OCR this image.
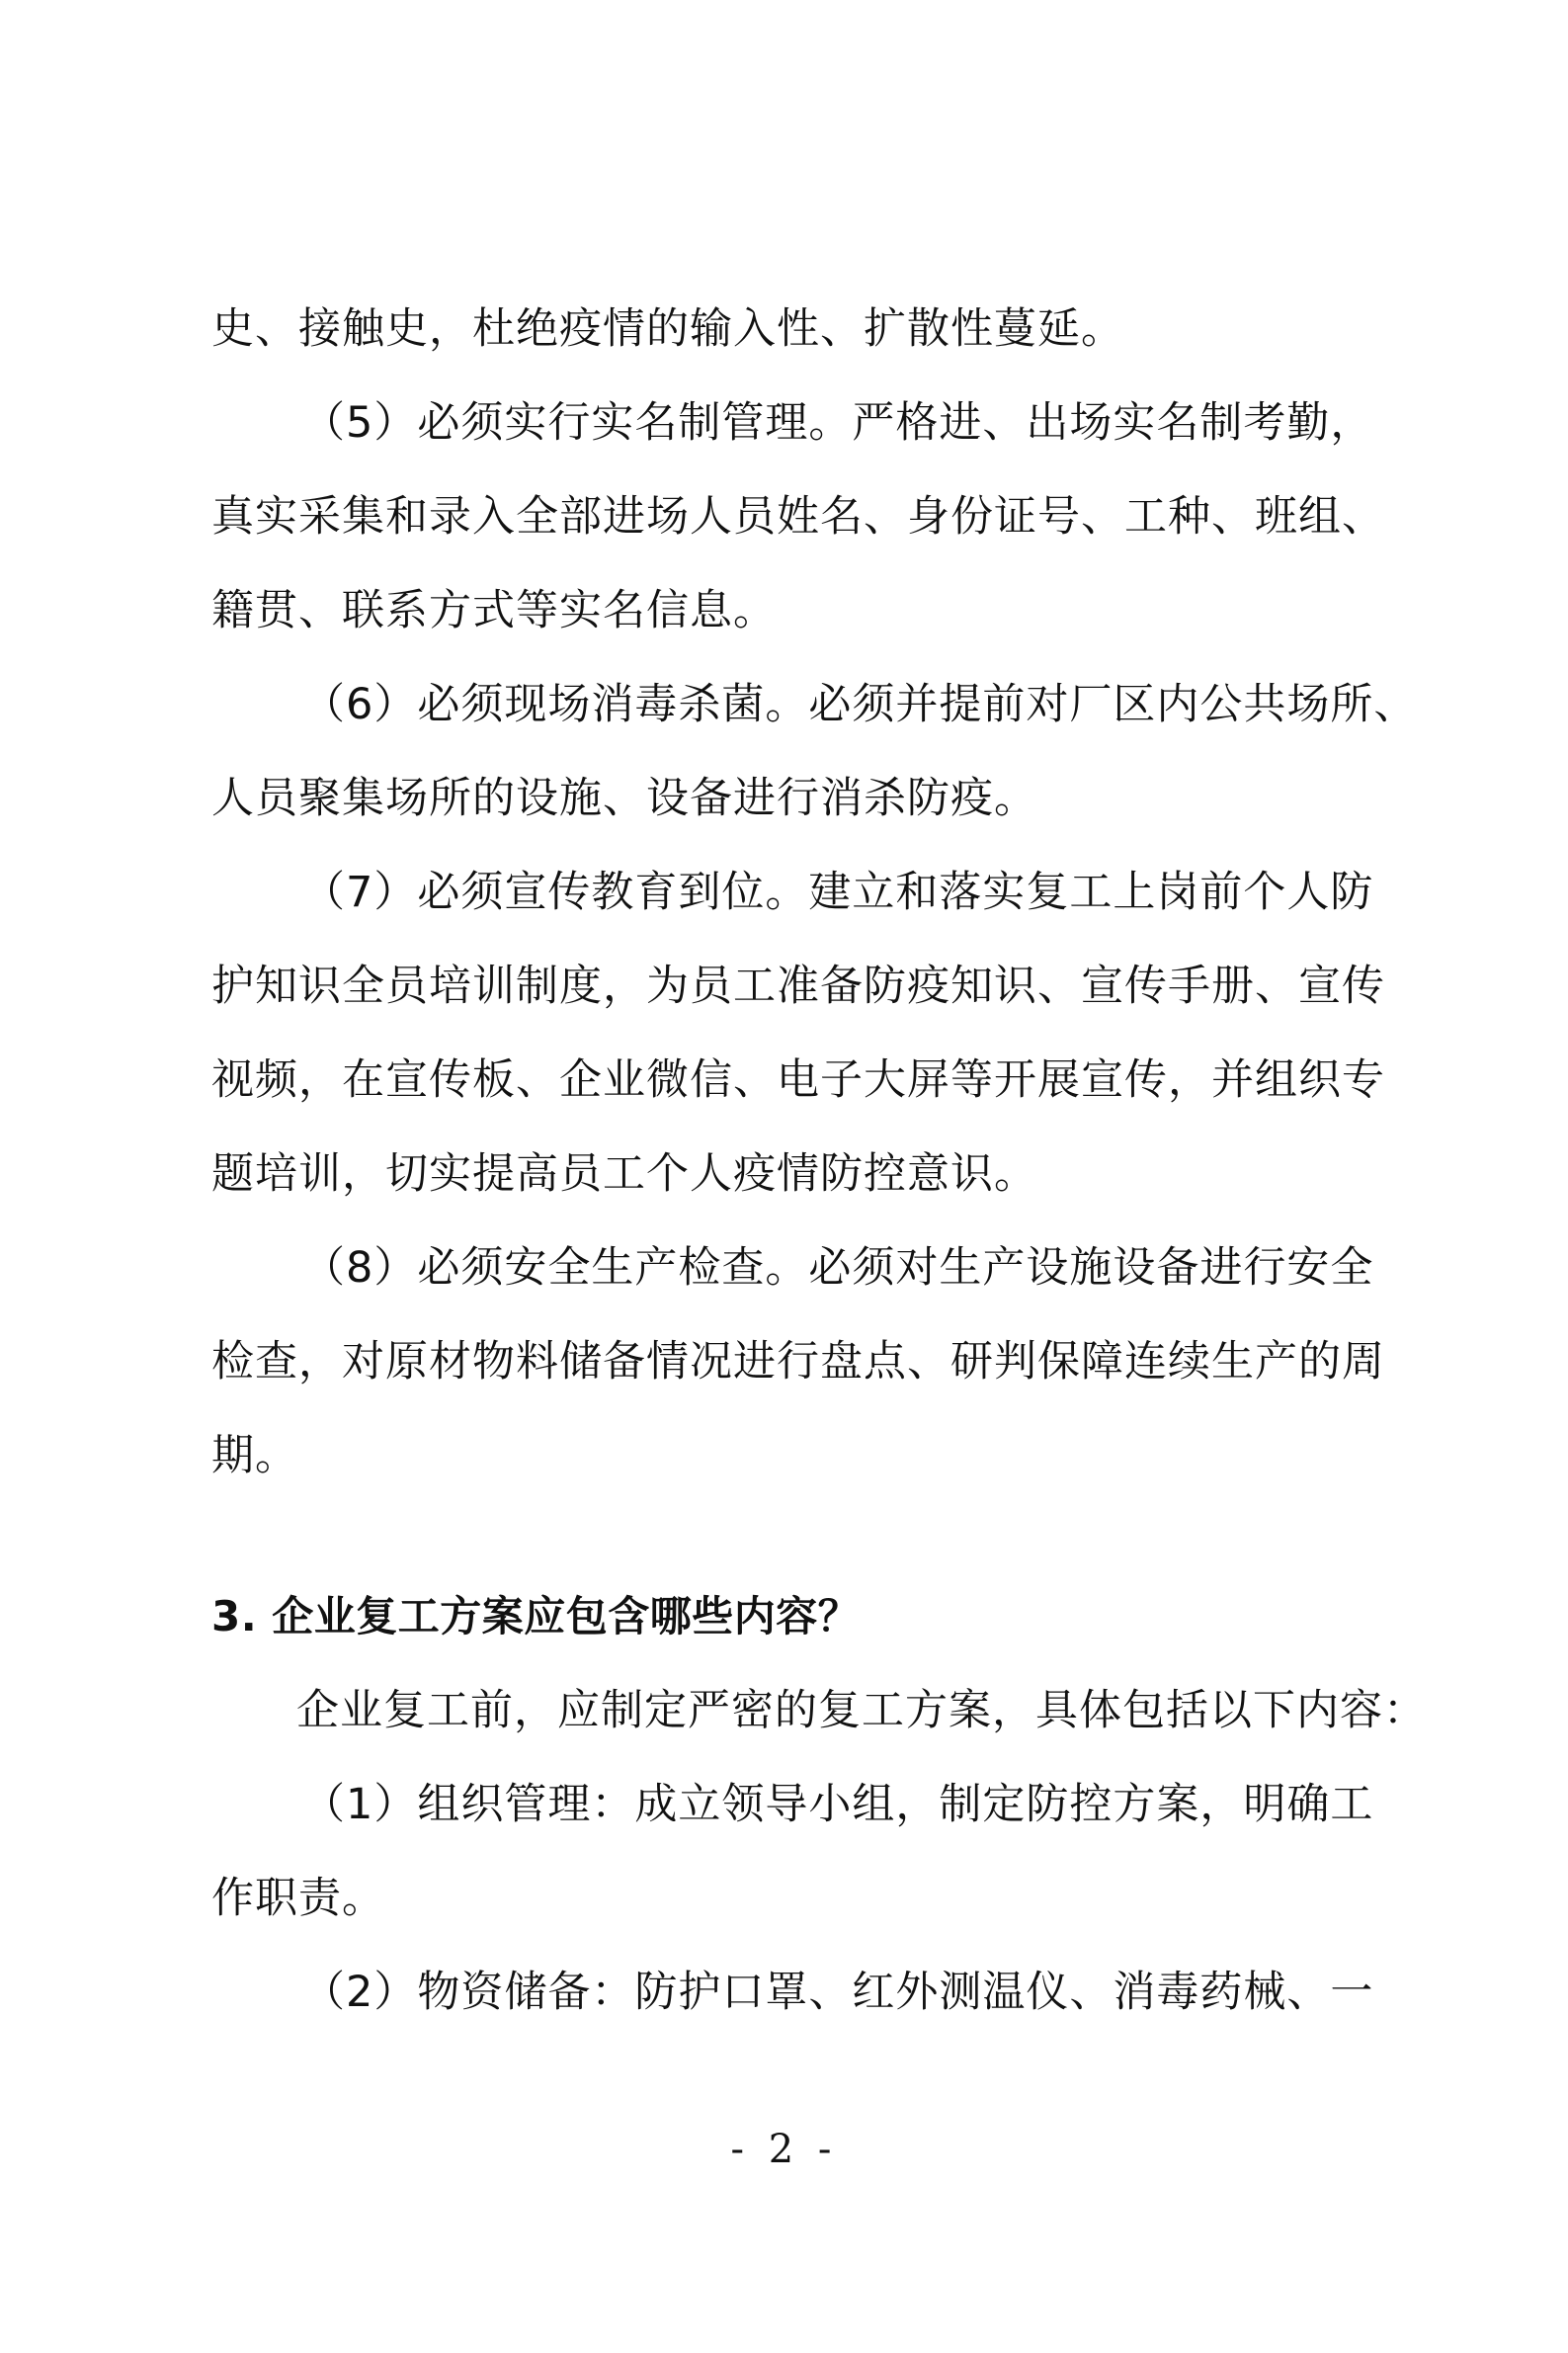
史、接触史，杜绝疫情的输入性、扩散性蔓延。
（5）必须实行实名制管理。严格进、出场实名制考勤，
真实采集和录入全部进场人员姓名、身份证号、工种、班组、
籍贯、联系方式等实名信息。
（6）必须现场消毒杀菌。必须并提前对厂区内公共场所、
人员聚集场所的设施、设备进行消杀防疫。
（7）必须宣传教育到位。建立和落实复工上岗前个人防
护知识全员培训制度，为员工准备防疫知识、宣传手册、宣传
视频，在宣传板、企业微信、电子大屏等开展宣传，并组织专
题培训，切实提高员工个人疫情防控意识。
（8）必须安全生产检查。必须对生产设施设备进行安全
检查，对原材物料储备情况进行盘点、研判保障连续生产的周
期。
3. 企业复工方案应包含哪些内容？
企业复工前，应制定严密的复工方案，具体包括以下内容：
（1）组织管理：成立领导小组，制定防控方案，明确工
作职责。
（2）物资储备：防护口罩、红外测温仪、消毒药械、一
- 2 -
